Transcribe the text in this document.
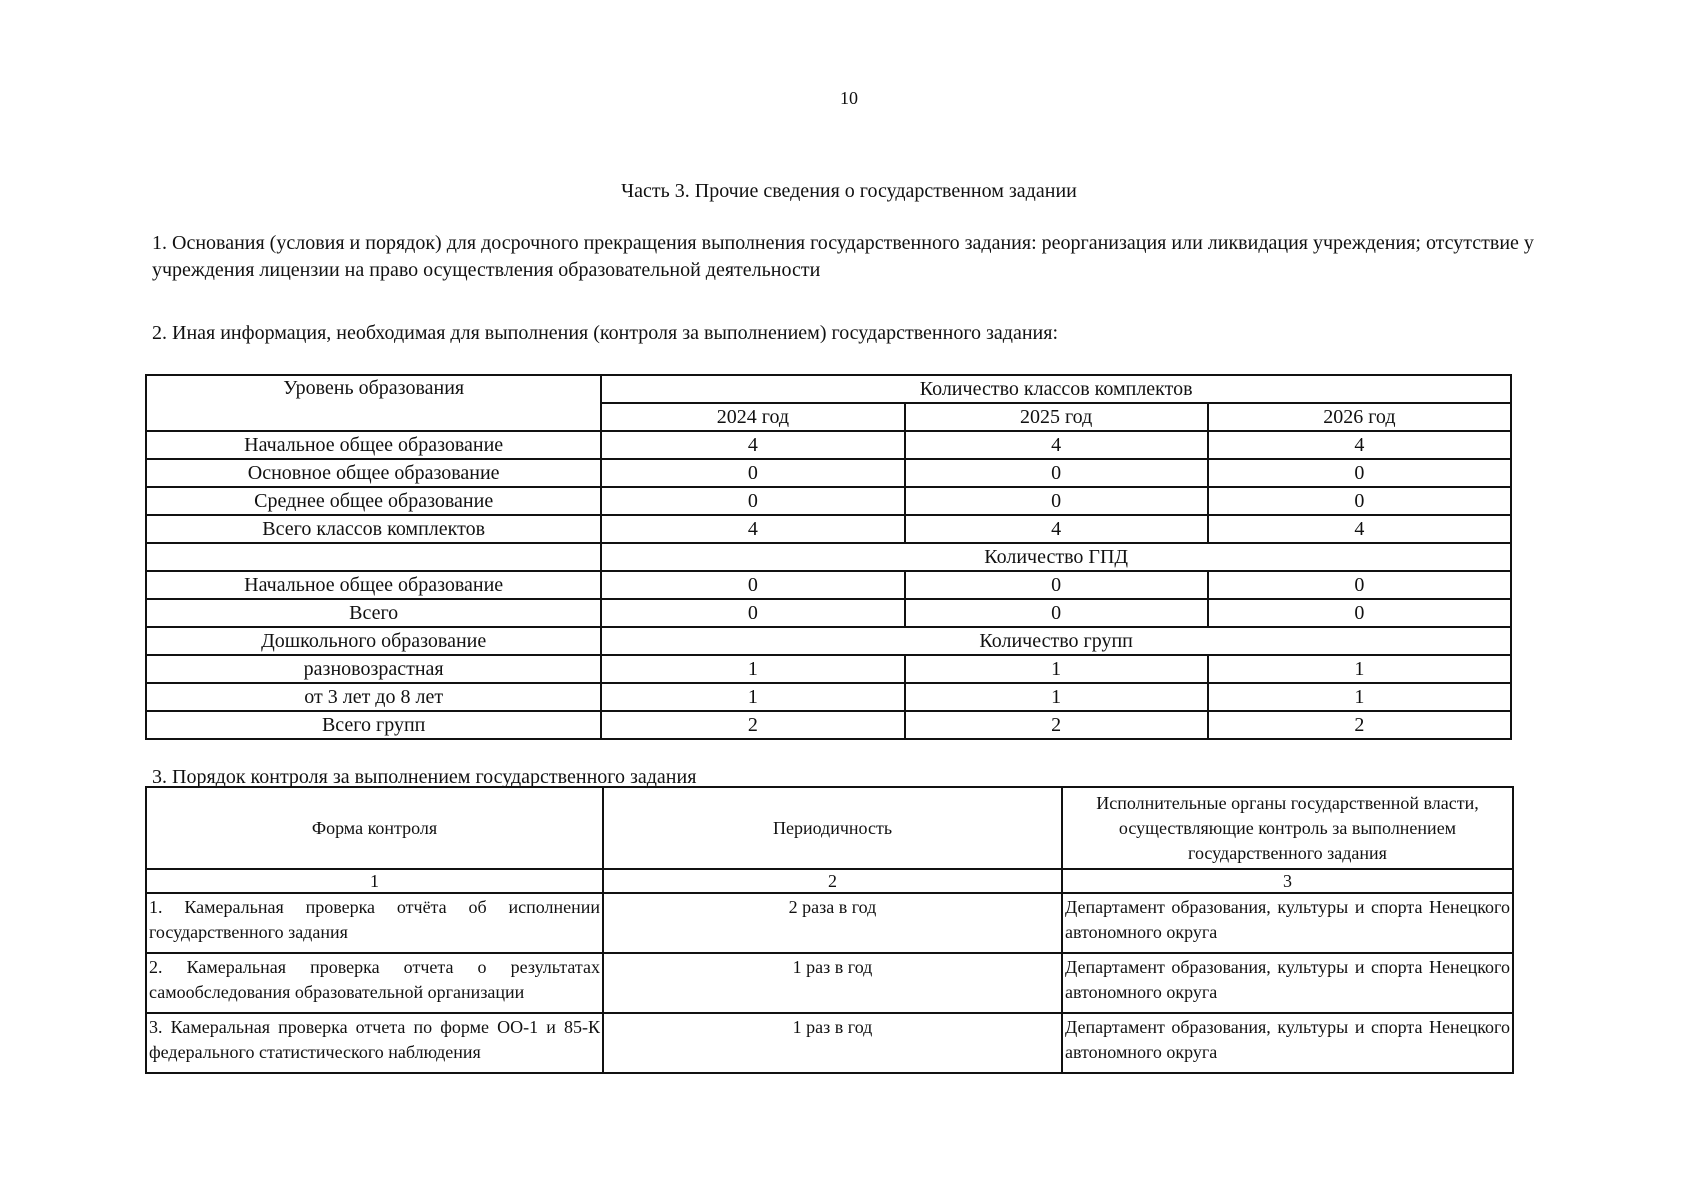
10
Часть 3. Прочие сведения о государственном задании
1. Основания (условия и порядок) для досрочного прекращения выполнения государственного задания: реорганизация или ликвидация учреждения; отсутствие у учреждения лицензии на право осуществления образовательной деятельности
2. Иная информация, необходимая для выполнения (контроля за выполнением) государственного задания:
Уровень образования	Количество классов комплектов		
	2024 год	2025 год	2026 год
Начальное общее образование	4	4	4
Основное общее образование	0	0	0
Среднее общее образование	0	0	0
Всего классов комплектов	4	4	4
	Количество ГПД		
Начальное общее образование	0	0	0
Всего	0	0	0
Дошкольного образование	Количество групп		
разновозрастная	1	1	1
от 3 лет до 8 лет	1	1	1
Всего групп	2	2	2
3. Порядок контроля за выполнением государственного задания
Форма контроля	Периодичность	Исполнительные органы государственной власти, осуществляющие контроль за выполнением государственного задания
1	2	3
1. Камеральная проверка отчёта об исполнении государственного задания	2 раза в год	Департамент образования, культуры и спорта Ненецкого автономного округа
2. Камеральная проверка отчета о результатах самообследования образовательной организации	1 раз в год	Департамент образования, культуры и спорта Ненецкого автономного округа
3. Камеральная проверка отчета по форме ОО-1 и 85-К федерального статистического наблюдения	1 раз в год	Департамент образования, культуры и спорта Ненецкого автономного округа
